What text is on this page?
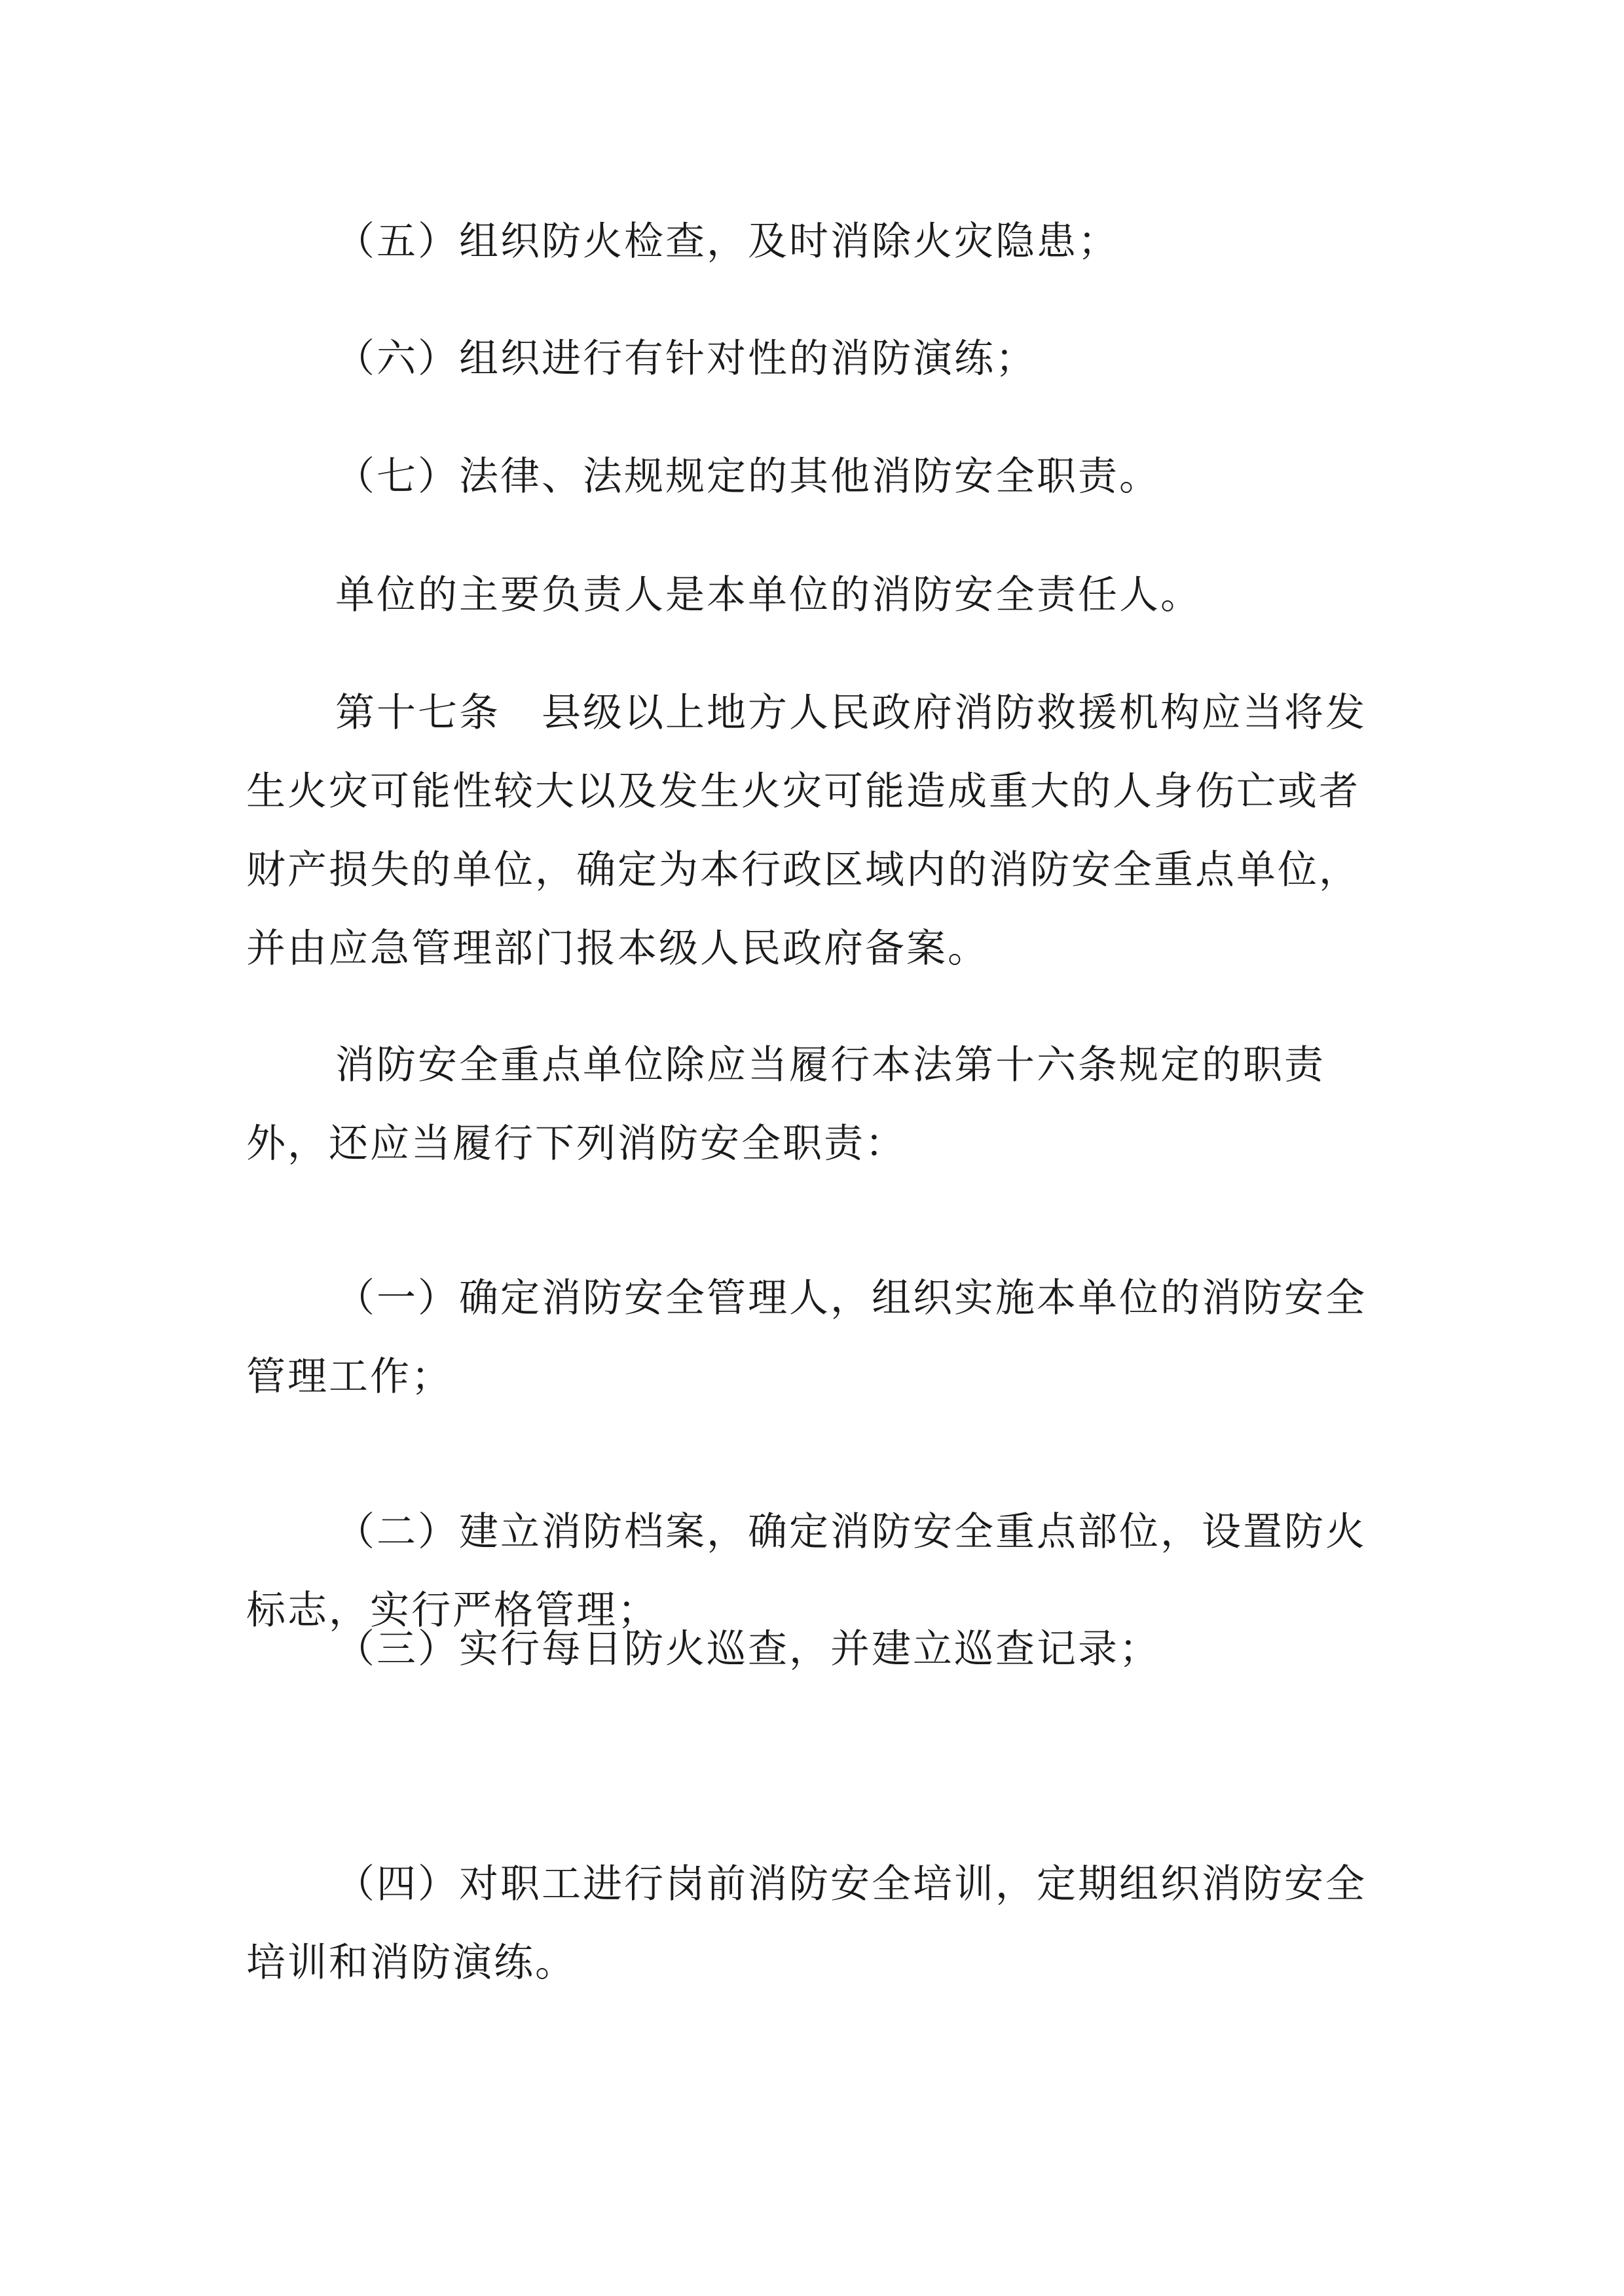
（五）组织防火检查，及时消除火灾隐患；

（六）组织进行有针对性的消防演练；

（七）法律、法规规定的其他消防安全职责。

单位的主要负责人是本单位的消防安全责任人。

第十七条　县级以上地方人民政府消防救援机构应当将发生火灾可能性较大以及发生火灾可能造成重大的人身伤亡或者财产损失的单位，确定为本行政区域内的消防安全重点单位，并由应急管理部门报本级人民政府备案。

消防安全重点单位除应当履行本法第十六条规定的职责外，还应当履行下列消防安全职责：

（一）确定消防安全管理人，组织实施本单位的消防安全管理工作；

（二）建立消防档案，确定消防安全重点部位，设置防火标志，实行严格管理；

（三）实行每日防火巡查，并建立巡查记录；

（四）对职工进行岗前消防安全培训，定期组织消防安全培训和消防演练。
